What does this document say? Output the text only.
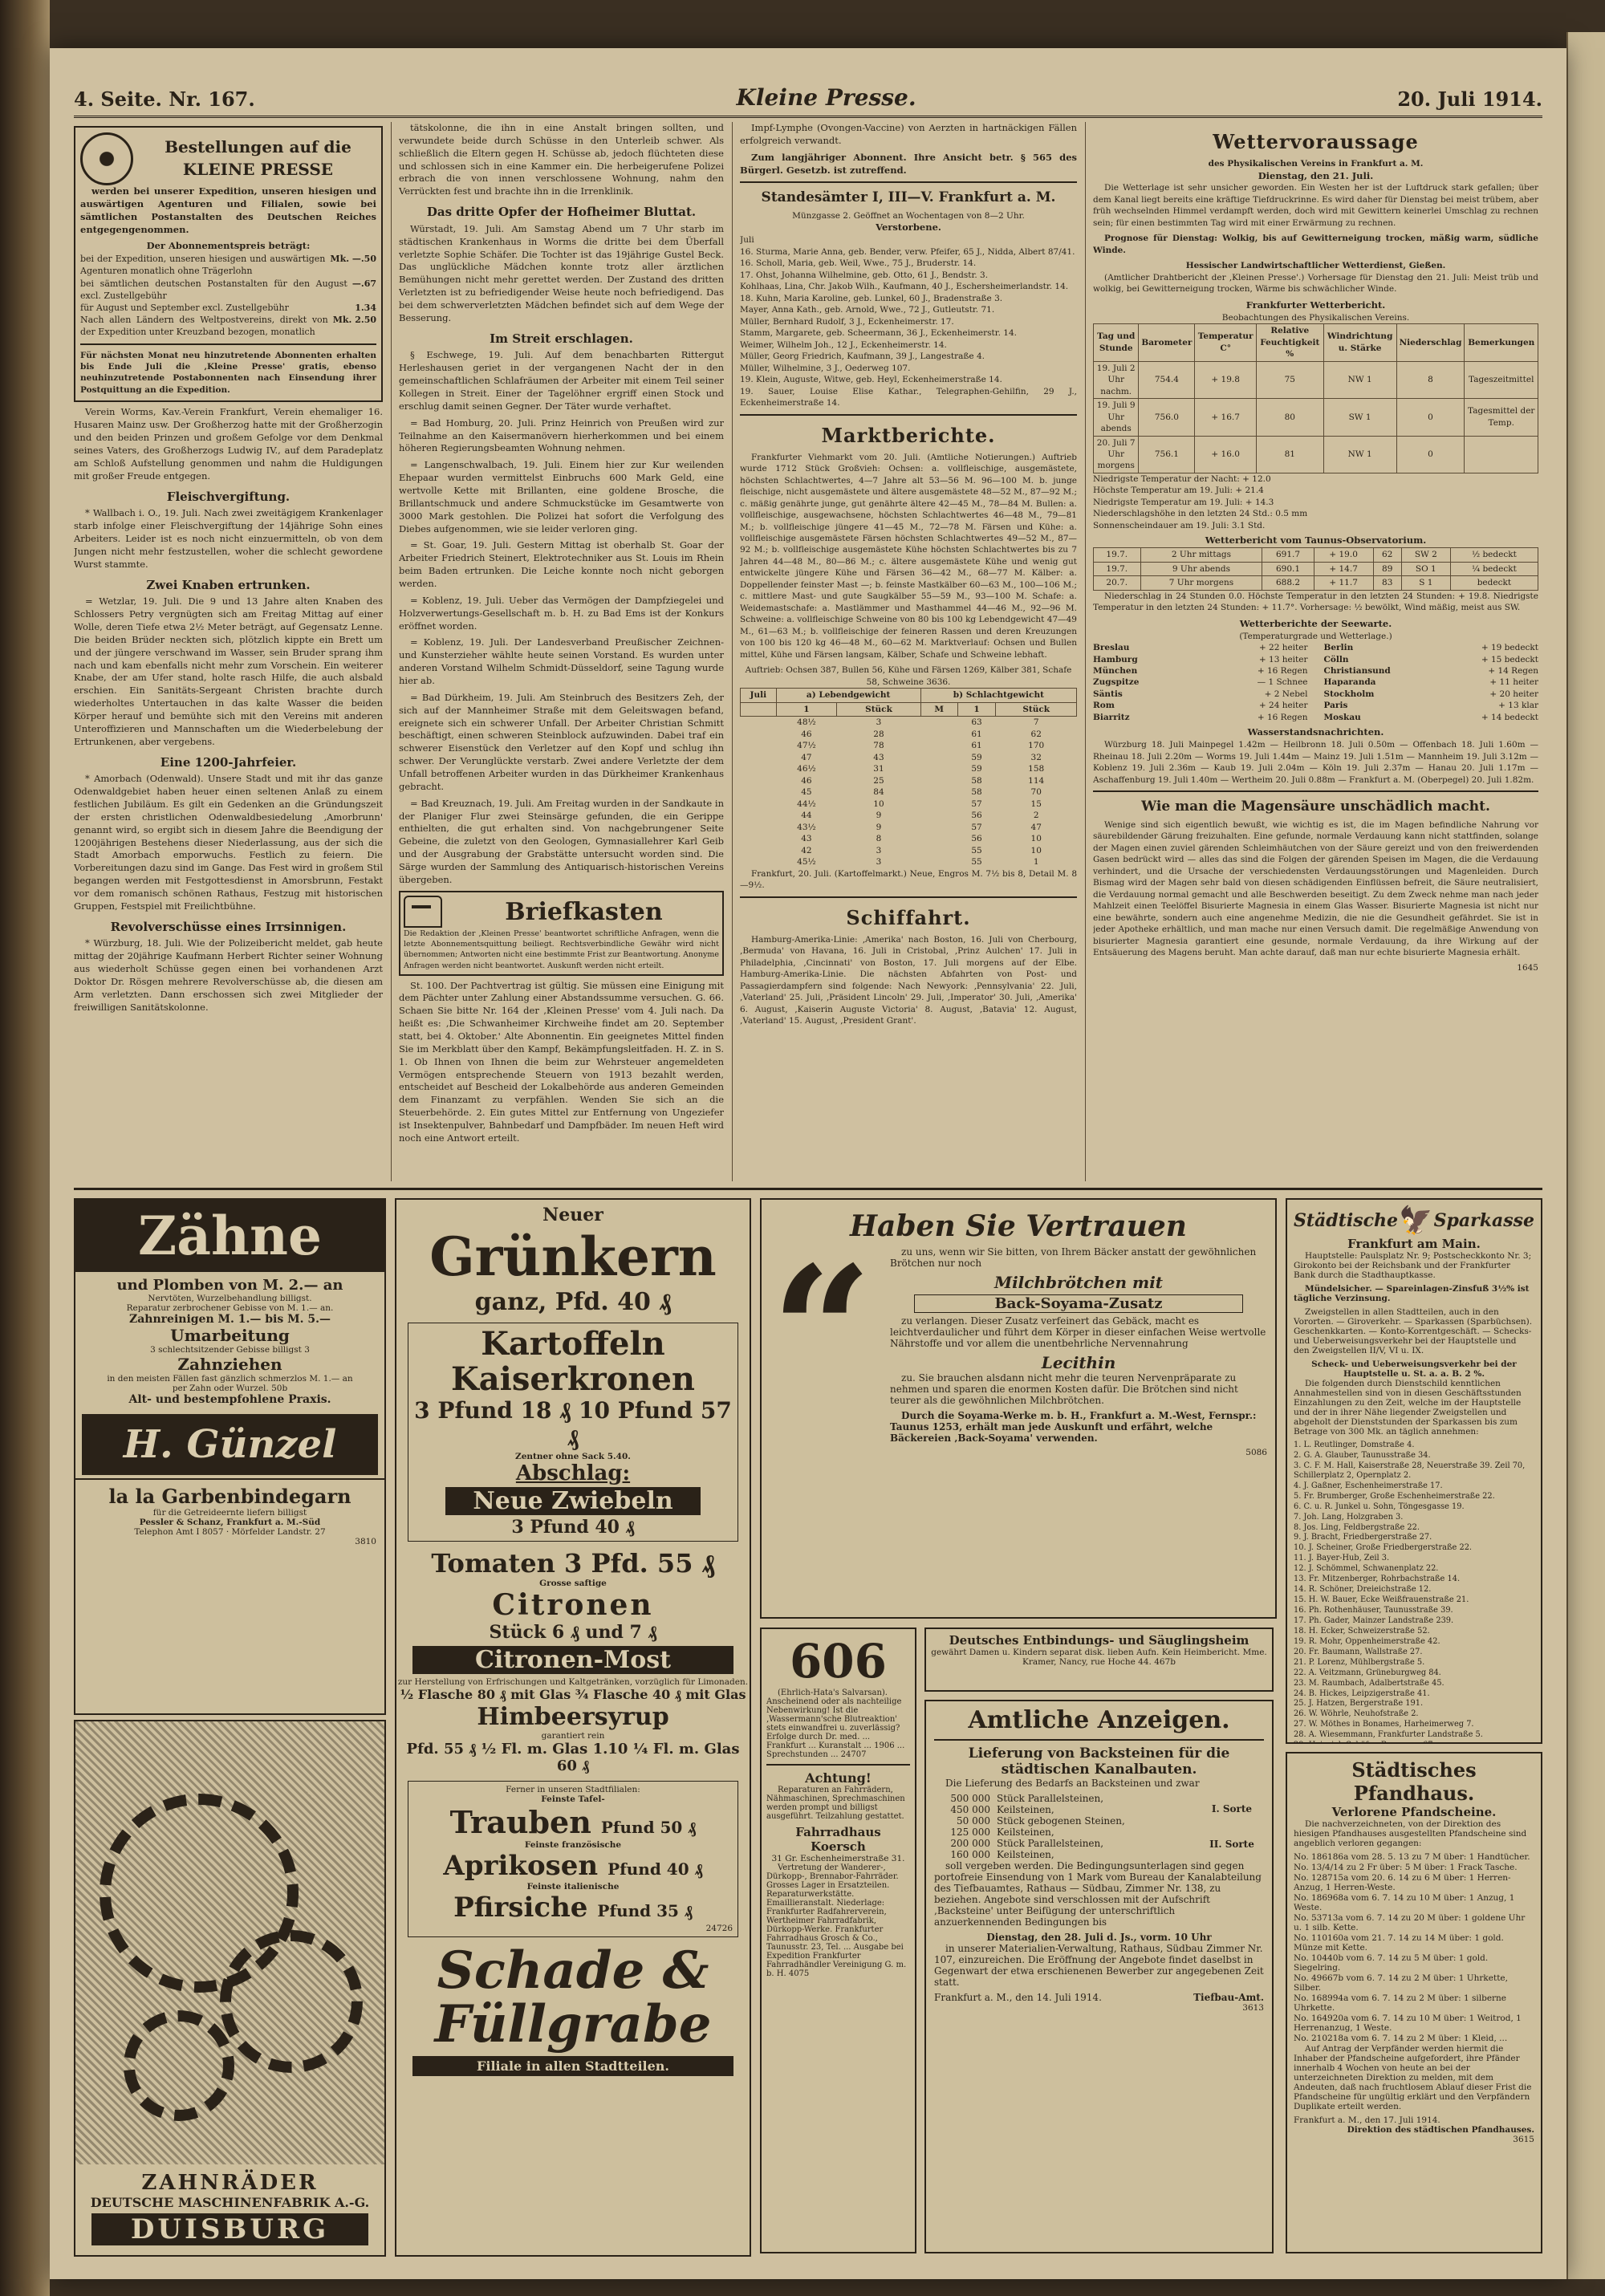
4. Seite. Nr. 167.	Kleine Presse.	20. Juli 1914.
Bestellungen auf die KLEINE PRESSE

werden bei unserer Expedition, unseren hiesigen und auswärtigen Agenturen und Filialen, sowie bei sämtlichen Postanstalten des Deutschen Reiches entgegengenommen.

Der Abonnementspreis beträgt:
bei der Expedition, unseren hiesigen und auswärtigen Agenturen monatlich ohne Trägerlohn
Mk. —.50
bei sämtlichen deutschen Postanstalten für den August excl. Zustellgebühr
—.67
für August und September excl. Zustellgebühr	1.34
Nach allen Ländern des Weltpostvereins, direkt von der Expedition unter Kreuzband bezogen, monatlich
Mk. 2.50
Für nächsten Monat neu hinzutretende Abonnenten erhalten bis Ende Juli die ‚Kleine Presse' gratis, ebenso neuhinzutretende Postabonnenten nach Einsendung ihrer Postquittung an die Expedition.

Verein Worms, Kav.-Verein Frankfurt, Verein ehemaliger 16. Husaren Mainz usw. Der Großherzog hatte mit der Großherzogin und den beiden Prinzen und großem Gefolge vor dem Denkmal seines Vaters, des Großherzogs Ludwig IV., auf dem Paradeplatz am Schloß Aufstellung genommen und nahm die Huldigungen mit großer Freude entgegen.

Fleischvergiftung.

* Wallbach i. O., 19. Juli. Nach zwei zweitägigem Krankenlager starb infolge einer Fleischvergiftung der 14jährige Sohn eines Arbeiters. Leider ist es noch nicht einzuermitteln, ob von dem Jungen nicht mehr festzustellen, woher die schlecht gewordene Wurst stammte.

Zwei Knaben ertrunken.

= Wetzlar, 19. Juli. Die 9 und 13 Jahre alten Knaben des Schlossers Petry vergnügten sich am Freitag Mittag auf einer Wolle, deren Tiefe etwa 2½ Meter beträgt, auf Gegensatz Lenne. Die beiden Brüder neckten sich, plötzlich kippte ein Brett um und der jüngere verschwand im Wasser, sein Bruder sprang ihm nach und kam ebenfalls nicht mehr zum Vorschein. Ein weiterer Knabe, der am Ufer stand, holte rasch Hilfe, die auch alsbald erschien. Ein Sanitäts-Sergeant Christen brachte durch wiederholtes Untertauchen in das kalte Wasser die beiden Körper herauf und bemühte sich mit den Vereins mit anderen Unteroffizieren und Mannschaften um die Wiederbelebung der Ertrunkenen, aber vergebens.

Eine 1200-Jahrfeier.

* Amorbach (Odenwald). Unsere Stadt und mit ihr das ganze Odenwaldgebiet haben heuer einen seltenen Anlaß zu einem festlichen Jubiläum. Es gilt ein Gedenken an die Gründungszeit der ersten christlichen Odenwaldbesiedelung ‚Amorbrunn' genannt wird, so ergibt sich in diesem Jahre die Beendigung der 1200jährigen Bestehens dieser Niederlassung, aus der sich die Stadt Amorbach emporwuchs. Festlich zu feiern. Die Vorbereitungen dazu sind im Gange. Das Fest wird in großem Stil begangen werden mit Festgottesdienst in Amorsbrunn, Festakt vor dem romanisch schönen Rathaus, Festzug mit historischen Gruppen, Festspiel mit Freilichtbühne.

Revolverschüsse eines Irrsinnigen.

* Würzburg, 18. Juli. Wie der Polizeibericht meldet, gab heute mittag der 20jährige Kaufmann Herbert Richter seiner Wohnung aus wiederholt Schüsse gegen einen bei vorhandenen Arzt Doktor Dr. Rösgen mehrere Revolverschüsse ab, die diesen am Arm verletzten. Dann erschossen sich zwei Mitglieder der freiwilligen Sanitätskolonne.

tätskolonne, die ihn in eine Anstalt bringen sollten, und verwundete beide durch Schüsse in den Unterleib schwer. Als schließlich die Eltern gegen H. Schüsse ab, jedoch flüchteten diese und schlossen sich in eine Kammer ein. Die herbeigerufene Polizei erbrach die von innen verschlossene Wohnung, nahm den Verrückten fest und brachte ihn in die Irrenklinik.

Das dritte Opfer der Hofheimer Bluttat.

Würstadt, 19. Juli. Am Samstag Abend um 7 Uhr starb im städtischen Krankenhaus in Worms die dritte bei dem Überfall verletzte Sophie Schäfer. Die Tochter ist das 19jährige Gustel Beck. Das unglückliche Mädchen konnte trotz aller ärztlichen Bemühungen nicht mehr gerettet werden. Der Zustand des dritten Verletzten ist zu befriedigender Weise heute noch befriedigend. Das bei dem schwerverletzten Mädchen befindet sich auf dem Wege der Besserung.

Im Streit erschlagen.

§ Eschwege, 19. Juli. Auf dem benachbarten Rittergut Herleshausen geriet in der vergangenen Nacht der in den gemeinschaftlichen Schlafräumen der Arbeiter mit einem Teil seiner Kollegen in Streit. Einer der Tagelöhner ergriff einen Stock und erschlug damit seinen Gegner. Der Täter wurde verhaftet.

= Bad Homburg, 20. Juli. Prinz Heinrich von Preußen wird zur Teilnahme an den Kaisermanövern hierherkommen und bei einem höheren Regierungsbeamten Wohnung nehmen.

= Langenschwalbach, 19. Juli. Einem hier zur Kur weilenden Ehepaar wurden vermittelst Einbruchs 600 Mark Geld, eine wertvolle Kette mit Brillanten, eine goldene Brosche, die Brillantschmuck und andere Schmuckstücke im Gesamtwerte von 3000 Mark gestohlen. Die Polizei hat sofort die Verfolgung des Diebes aufgenommen, wie sie leider verloren ging.

= St. Goar, 19. Juli. Gestern Mittag ist oberhalb St. Goar der Arbeiter Friedrich Steinert, Elektrotechniker aus St. Louis im Rhein beim Baden ertrunken. Die Leiche konnte noch nicht geborgen werden.

= Koblenz, 19. Juli. Ueber das Vermögen der Dampfziegelei und Holzverwertungs-Gesellschaft m. b. H. zu Bad Ems ist der Konkurs eröffnet worden.

= Koblenz, 19. Juli. Der Landesverband Preußischer Zeichnen- und Kunsterzieher wählte heute seinen Vorstand. Es wurden unter anderen Vorstand Wilhelm Schmidt-Düsseldorf, seine Tagung wurde hier ab.

= Bad Dürkheim, 19. Juli. Am Steinbruch des Besitzers Zeh, der sich auf der Mannheimer Straße mit dem Geleitswagen befand, ereignete sich ein schwerer Unfall. Der Arbeiter Christian Schmitt beschäftigt, einen schweren Steinblock aufzuwinden. Dabei traf ein schwerer Eisenstück den Verletzer auf den Kopf und schlug ihn schwer. Der Verunglückte verstarb. Zwei andere Verletzte der dem Unfall betroffenen Arbeiter wurden in das Dürkheimer Krankenhaus gebracht.

= Bad Kreuznach, 19. Juli. Am Freitag wurden in der Sandkaute in der Planiger Flur zwei Steinsärge gefunden, die ein Gerippe enthielten, die gut erhalten sind. Von nachgebrungener Seite Gebeine, die zuletzt von den Geologen, Gymnasiallehrer Karl Geib und der Ausgrabung der Grabstätte untersucht worden sind. Die Särge wurden der Sammlung des Antiquarisch-historischen Vereins übergeben.

Briefkasten
Die Redaktion der ‚Kleinen Presse' beantwortet schriftliche Anfragen, wenn die letzte Abonnementsquittung beiliegt. Rechtsverbindliche Gewähr wird nicht übernommen; Antworten nicht eine bestimmte Frist zur Beantwortung. Anonyme Anfragen werden nicht beantwortet. Auskunft werden nicht erteilt.

St. 100. Der Pachtvertrag ist gültig. Sie müssen eine Einigung mit dem Pächter unter Zahlung einer Abstandssumme versuchen. G. 66. Schaen Sie bitte Nr. 164 der ‚Kleinen Presse' vom 4. Juli nach. Da heißt es: ‚Die Schwanheimer Kirchweihe findet am 20. September statt, bei 4. Oktober.' Alte Abonnentin. Ein geeignetes Mittel finden Sie im Merkblatt über den Kampf, Bekämpfungsleitfaden. H. Z. in S. 1. Ob Ihnen von Ihnen die beim zur Wehrsteuer angemeldeten Vermögen entsprechende Steuern von 1913 bezahlt werden, entscheidet auf Bescheid der Lokalbehörde aus anderen Gemeinden dem Finanzamt zu verpfählen. Wenden Sie sich an die Steuerbehörde. 2. Ein gutes Mittel zur Entfernung von Ungeziefer ist Insektenpulver, Bahnbedarf und Dampfbäder. Im neuen Heft wird noch eine Antwort erteilt.

Impf-Lymphe (Ovongen-Vaccine) von Aerzten in hartnäckigen Fällen erfolgreich verwandt.

Zum langjähriger Abonnent. Ihre Ansicht betr. § 565 des Bürgerl. Gesetzb. ist zutreffend.

Standesämter I, III—V. Frankfurt a. M.
Münzgasse 2. Geöffnet an Wochentagen von 8—2 Uhr.
Verstorbene.
Juli
16. Sturma, Marie Anna, geb. Bender, verw. Pfeifer, 65 J., Nidda, Albert 87/41.
16. Scholl, Maria, geb. Weil, Wwe., 75 J., Bruderstr. 14.
17. Ohst, Johanna Wilhelmine, geb. Otto, 61 J., Bendstr. 3.
Kohlhaas, Lina, Chr. Jakob Wilh., Kaufmann, 40 J., Eschersheimerlandstr. 14.
18. Kuhn, Maria Karoline, geb. Lunkel, 60 J., Bradenstraße 3.
Mayer, Anna Kath., geb. Arnold, Wwe., 72 J., Gutleutstr. 71.
Müller, Bernhard Rudolf, 3 J., Eckenheimerstr. 17.
Stamm, Margarete, geb. Scheermann, 36 J., Eckenheimerstr. 14.
Weimer, Wilhelm Joh., 12 J., Eckenheimerstr. 14.
Müller, Georg Friedrich, Kaufmann, 39 J., Langestraße 4.
Müller, Wilhelmine, 3 J., Oederweg 107.
19. Klein, Auguste, Witwe, geb. Heyl, Eckenheimerstraße 14.
19. Sauer, Louise Elise Kathar., Telegraphen-Gehilfin, 29 J., Eckenheimerstraße 14.
Marktberichte.

Frankfurter Viehmarkt vom 20. Juli. (Amtliche Notierungen.) Auftrieb wurde 1712 Stück Großvieh: Ochsen: a. vollfleischige, ausgemästete, höchsten Schlachtwertes, 4—7 Jahre alt 53—56 M. 96—100 M. b. junge fleischige, nicht ausgemästete und ältere ausgemästete 48—52 M., 87—92 M.; c. mäßig genährte junge, gut genährte ältere 42—45 M., 78—84 M. Bullen: a. vollfleischige, ausgewachsene, höchsten Schlachtwertes 46—48 M., 79—81 M.; b. vollfleischige jüngere 41—45 M., 72—78 M. Färsen und Kühe: a. vollfleischige ausgemästete Färsen höchsten Schlachtwertes 49—52 M., 87—92 M.; b. vollfleischige ausgemästete Kühe höchsten Schlachtwertes bis zu 7 Jahren 44—48 M., 80—86 M.; c. ältere ausgemästete Kühe und wenig gut entwickelte jüngere Kühe und Färsen 36—42 M., 68—77 M. Kälber: a. Doppellender feinster Mast —; b. feinste Mastkälber 60—63 M., 100—106 M.; c. mittlere Mast- und gute Saugkälber 55—59 M., 93—100 M. Schafe: a. Weidemastschafe: a. Mastlämmer und Masthammel 44—46 M., 92—96 M. Schweine: a. vollfleischige Schweine von 80 bis 100 kg Lebendgewicht 47—49 M., 61—63 M.; b. vollfleischige der feineren Rassen und deren Kreuzungen von 100 bis 120 kg 46—48 M., 60—62 M. Marktverlauf: Ochsen und Bullen mittel, Kühe und Färsen langsam, Kälber, Schafe und Schweine lebhaft.

Auftrieb: Ochsen 387, Bullen 56, Kühe und Färsen 1269, Kälber 381, Schafe 58, Schweine 3636.
Juli	a) Lebendgewicht		b) Schlachtgewicht		
	1	Stück	M	1	Stück
	48½	3		63	7
	46	28		61	62
	47½	78		61	170
	47	43		59	32
	46½	31		59	158
	46	25		58	114
	45	84		58	70
	44½	10		57	15
	44	9		56	2
	43½	9		57	47
	43	8		56	10
	42	3		55	10
	45½	3		55	1

Frankfurt, 20. Juli. (Kartoffelmarkt.) Neue, Engros M. 7½ bis 8, Detail M. 8—9½.

Schiffahrt.

Hamburg-Amerika-Linie: ‚Amerika' nach Boston, 16. Juli von Cherbourg, ‚Bermuda' von Havana, 16. Juli in Cristobal, ‚Prinz Aulchen' 17. Juli in Philadelphia, ‚Cincinnati' von Boston, 17. Juli morgens auf der Elbe. Hamburg-Amerika-Linie. Die nächsten Abfahrten von Post- und Passagierdampfern sind folgende: Nach Newyork: ‚Pennsylvania' 22. Juli, ‚Vaterland' 25. Juli, ‚Präsident Lincoln' 29. Juli, ‚Imperator' 30. Juli, ‚Amerika' 6. August, ‚Kaiserin Auguste Victoria' 8. August, ‚Batavia' 12. August, ‚Vaterland' 15. August, ‚President Grant'.

Wettervoraussage
des Physikalischen Vereins in Frankfurt a. M.
Dienstag, den 21. Juli.

Die Wetterlage ist sehr unsicher geworden. Ein Westen her ist der Luftdruck stark gefallen; über dem Kanal liegt bereits eine kräftige Tiefdruckrinne. Es wird daher für Dienstag bei meist trübem, aber früh wechselnden Himmel verdampft werden, doch wird mit Gewittern keinerlei Umschlag zu rechnen sein; für einen bestimmten Tag wird mit einer Erwärmung zu rechnen.

Prognose für Dienstag: Wolkig, bis auf Gewitterneigung trocken, mäßig warm, südliche Winde.

Hessischer Landwirtschaftlicher Wetterdienst, Gießen.

(Amtlicher Drahtbericht der ‚Kleinen Presse'.) Vorhersage für Dienstag den 21. Juli: Meist trüb und wolkig, bei Gewitterneigung trocken, Wärme bis schwächlicher Winde.

Frankfurter Wetterbericht.
Beobachtungen des Physikalischen Vereins.
Tag und Stunde	Barometer	Temperatur C°	Relative Feuchtigkeit %	Windrichtung u. Stärke	Niederschlag	Bemerkungen
19. Juli 2 Uhr nachm.	754.4	+ 19.8	75	NW 1	8	Tageszeitmittel
19. Juli 9 Uhr abends	756.0	+ 16.7	80	SW 1	0	Tagesmittel der Temp.
20. Juli 7 Uhr morgens	756.1	+ 16.0	81	NW 1	0	
Niedrigste Temperatur der Nacht: + 12.0
Höchste Temperatur am 19. Juli: + 21.4
Niedrigste Temperatur am 19. Juli: + 14.3
Niederschlagshöhe in den letzten 24 Std.: 0.5 mm
Sonnenscheindauer am 19. Juli: 3.1 Std.
Wetterbericht vom Taunus-Observatorium.
19.7.	2 Uhr mittags	691.7	+ 19.0	62	SW 2	½ bedeckt
19.7.	9 Uhr abends	690.1	+ 14.7	89	SO 1	¼ bedeckt
20.7.	7 Uhr morgens	688.2	+ 11.7	83	S 1	bedeckt

Niederschlag in 24 Stunden 0.0. Höchste Temperatur in den letzten 24 Stunden: + 19.8. Niedrigste Temperatur in den letzten 24 Stunden: + 11.7°. Vorhersage: ½ bewölkt, Wind mäßig, meist aus SW.

Wetterberichte der Seewarte.
(Temperaturgrade und Wetterlage.)
Breslau	+ 22 heiter
Hamburg	+ 13 heiter
München	+ 16 Regen
Zugspitze	— 1 Schnee
Säntis	+ 2 Nebel
Rom	+ 24 heiter
Biarritz	+ 16 Regen
Berlin	+ 19 bedeckt
Cölln	+ 15 bedeckt
Christiansund	+ 14 Regen
Haparanda	+ 11 heiter
Stockholm	+ 20 heiter
Paris	+ 13 klar
Moskau	+ 14 bedeckt
Wasserstandsnachrichten.

Würzburg 18. Juli Mainpegel 1.42m — Heilbronn 18. Juli 0.50m — Offenbach 18. Juli 1.60m — Rheinau 18. Juli 2.20m — Worms 19. Juli 1.44m — Mainz 19. Juli 1.51m — Mannheim 19. Juli 3.12m — Koblenz 19. Juli 2.36m — Kaub 19. Juli 2.04m — Köln 19. Juli 2.37m — Hanau 20. Juli 1.17m — Aschaffenburg 19. Juli 1.40m — Wertheim 20. Juli 0.88m — Frankfurt a. M. (Oberpegel) 20. Juli 1.82m.

Wie man die Magensäure unschädlich macht.

Wenige sind sich eigentlich bewußt, wie wichtig es ist, die im Magen befindliche Nahrung vor säurebildender Gärung freizuhalten. Eine gefunde, normale Verdauung kann nicht stattfinden, solange der Magen einen zuviel gärenden Schleimhäutchen von der Säure gereizt und von den freiwerdenden Gasen bedrückt wird — alles das sind die Folgen der gärenden Speisen im Magen, die die Verdauung verhindert, und die Ursache der verschiedensten Verdauungsstörungen und Magenleiden. Durch Bismag wird der Magen sehr bald von diesen schädigenden Einflüssen befreit, die Säure neutralisiert, die Verdauung normal gemacht und alle Beschwerden beseitigt. Zu dem Zweck nehme man nach jeder Mahlzeit einen Teelöffel Bisurierte Magnesia in einem Glas Wasser. Bisurierte Magnesia ist nicht nur eine bewährte, sondern auch eine angenehme Medizin, die nie die Gesundheit gefährdet. Sie ist in jeder Apotheke erhältlich, und man mache nur einen Versuch damit. Die regelmäßige Anwendung von bisurierter Magnesia garantiert eine gesunde, normale Verdauung, da ihre Wirkung auf der Entsäuerung des Magens beruht. Man achte darauf, daß man nur echte bisurierte Magnesia erhält.

1645
Zähne
und Plomben von M. 2.— an
Nervtöten, Wurzelbehandlung billigst.
Reparatur zerbrochener Gebisse von M. 1.— an.
Zahnreinigen M. 1.— bis M. 5.—
Umarbeitung
3 schlechtsitzender Gebisse billigst 3
Zahnziehen
in den meisten Fällen fast gänzlich schmerzlos M. 1.— an
per Zahn oder Wurzel. 50b
Alt- und bestempfohlene Praxis.
H. Günzel
la la Garbenbindegarn
für die Getreideernte liefern billigst
Pessler & Schanz, Frankfurt a. M.-Süd
Telephon Amt I 8057 · Mörfelder Landstr. 27
3810
ZAHNRÄDER
DEUTSCHE MASCHINENFABRIK A.-G.
DUISBURG
Neuer
Grünkern
ganz, Pfd. 40 ₰
Kartoffeln Kaiserkronen
3 Pfund 18 ₰ 10 Pfund 57 ₰
Zentner ohne Sack 5.40.
Abschlag:
Neue Zwiebeln
3 Pfund 40 ₰
Tomaten 3 Pfd. 55 ₰
Grosse saftige
Citronen
Stück 6 ₰ und 7 ₰
Citronen-Most
zur Herstellung von Erfrischungen und Kaltgetränken, vorzüglich für Limonaden.
½ Flasche 80 ₰ mit Glas ¾ Flasche 40 ₰ mit Glas
Himbeersyrup
garantiert rein
Pfd. 55 ₰ ½ Fl. m. Glas 1.10 ¼ Fl. m. Glas 60 ₰
Ferner in unseren Stadtfilialen:
Feinste Tafel-
Trauben Pfund 50 ₰
Feinste französische
Aprikosen Pfund 40 ₰
Feinste italienische
Pfirsiche Pfund 35 ₰
24726
Schade & Füllgrabe
Filiale in allen Stadtteilen.
Haben Sie Vertrauen
“	zu uns, wenn wir Sie bitten, von Ihrem Bäcker anstatt der gewöhnlichen Brötchen nur noch

Milchbrötchen mit
Back-Soyama-Zusatz

zu verlangen. Dieser Zusatz verfeinert das Gebäck, macht es leichtverdaulicher und führt dem Körper in dieser einfachen Weise wertvolle Nährstoffe und vor allem die unentbehrliche Nervennahrung

Lecithin

zu. Sie brauchen alsdann nicht mehr die teuren Nervenpräparate zu nehmen und sparen die enormen Kosten dafür. Die Brötchen sind nicht teurer als die gewöhnlichen Milchbrötchen.

Durch die Soyama-Werke m. b. H., Frankfurt a. M.-West, Fernspr.: Taunus 1253, erhält man jede Auskunft und erfährt, welche Bäckereien ‚Back-Soyama' verwenden.

5086
606

(Ehrlich-Hata's Salvarsan). Anscheinend oder als nachteilige Nebenwirkung! Ist die ‚Wassermann'sche Blutreaktion' stets einwandfrei u. zuverlässig? Erfolge durch Dr. med. ... Frankfurt ... Kuranstalt ... 1906 ... Sprechstunden ... 24707

Achtung!

Reparaturen an Fahrrädern, Nähmaschinen, Sprechmaschinen werden prompt und billigst ausgeführt. Teilzahlung gestattet.

Fahrradhaus Koersch
31 Gr. Eschenheimerstraße 31.

Vertretung der Wanderer-, Dürkopp-, Brennabor-Fahrräder. Grosses Lager in Ersatzteilen. Reparaturwerkstätte. Emaillieranstalt. Niederlage: Frankfurter Radfahrerverein, Wertheimer Fahrradfabrik, Dürkopp-Werke. Frankfurter Fahrradhaus Grosch & Co., Taunusstr. 23, Tel. ... Ausgabe bei Expedition Frankfurter Fahrradhändler Vereinigung G. m. b. H. 4075

Deutsches Entbindungs- und Säuglingsheim
gewährt Damen u. Kindern separat disk. lieben Aufn. Kein Heimbericht. Mme. Kramer, Nancy, rue Hoche 44. 467b
Amtliche Anzeigen.
Lieferung von Backsteinen für die städtischen Kanalbauten.

Die Lieferung des Bedarfs an Backsteinen und zwar

500 000 Stück Parallelsteinen,
450 000 Keilsteinen,
50 000 Stück gebogenen Steinen,
125 000 Keilsteinen,
200 000 Stück Parallelsteinen,
160 000 Keilsteinen,
I. Sorte
II. Sorte

soll vergeben werden. Die Bedingungsunterlagen sind gegen portofreie Einsendung von 1 Mark vom Bureau der Kanalabteilung des Tiefbauamtes, Rathaus — Südbau, Zimmer Nr. 138, zu beziehen. Angebote sind verschlossen mit der Aufschrift ‚Backsteine' unter Beifügung der unterschriftlich anzuerkennenden Bedingungen bis

Dienstag, den 28. Juli d. Js., vorm. 10 Uhr

in unserer Materialien-Verwaltung, Rathaus, Südbau Zimmer Nr. 107, einzureichen. Die Eröffnung der Angebote findet daselbst in Gegenwart der etwa erschienenen Bewerber zur angegebenen Zeit statt.

Frankfurt a. M., den 14. Juli 1914.	Tiefbau-Amt.
3613
Städtische 🦅 Sparkasse
Frankfurt am Main.

Hauptstelle: Paulsplatz Nr. 9; Postscheckkonto Nr. 3; Girokonto bei der Reichsbank und der Frankfurter Bank durch die Stadthauptkasse.

Mündelsicher. — Spareinlagen-Zinsfuß 3½% ist tägliche Verzinsung.

Zweigstellen in allen Stadtteilen, auch in den Vororten. — Giroverkehr. — Sparkassen (Sparbüchsen). Geschenkkarten. — Konto-Korrentgeschäft. — Schecks- und Ueberweisungsverkehr bei der Hauptstelle und den Zweigstellen II/V, VI u. IX.

Scheck- und Ueberweisungsverkehr bei der Hauptstelle u. St. a. a. B. 2 %.

Die folgenden durch Dienstschild kenntlichen Annahmestellen sind von in diesen Geschäftsstunden Einzahlungen zu den Zeit, welche im der Hauptstelle und der in ihrer Nähe liegender Zweigstellen und abgeholt der Dienststunden der Sparkassen bis zum Betrage von 300 Mk. an täglich annehmen:

1. L. Reutlinger, Domstraße 4.
2. G. A. Glauber, Taunusstraße 34.
3. C. F. M. Hall, Kaiserstraße 28, Neuerstraße 39. Zeil 70, Schillerplatz 2, Opernplatz 2.
4. J. Gaßner, Eschenheimerstraße 17.
5. Fr. Brumberger, Große Eschenheimerstraße 22.
6. C. u. R. Junkel u. Sohn, Töngesgasse 19.
7. Joh. Lang, Holzgraben 3.
8. Jos. Ling, Feldbergstraße 22.
9. J. Bracht, Friedbergerstraße 27.
10. J. Scheiner, Große Friedbergerstraße 22.
11. J. Bayer-Hub, Zeil 3.
12. J. Schömmel, Schwanenplatz 22.
13. Fr. Mitzenberger, Rohrbachstraße 14.
14. R. Schöner, Dreieichstraße 12.
15. H. W. Bauer, Ecke Weißfrauenstraße 21.
16. Ph. Rothenhäuser, Taunusstraße 39.
17. Ph. Gader, Mainzer Landstraße 239.
18. H. Ecker, Schweizerstraße 52.
19. R. Mohr, Oppenheimerstraße 42.
20. Fr. Baumann, Wallstraße 27.
21. P. Lorenz, Mühlbergstraße 5.
22. A. Veitzmann, Grüneburgweg 84.
23. M. Raumbach, Adalbertstraße 45.
24. B. Hickes, Leipzigerstraße 41.
25. J. Hatzen, Bergerstraße 191.
26. W. Wöhrle, Neuhofstraße 2.
27. W. Möthes in Bonames, Harheimerweg 7.
28. A. Wiesemmann, Frankfurter Landstraße 5.
Städtisches Pfandhaus.
Verlorene Pfandscheine.

Die nachverzeichneten, von der Direktion des hiesigen Pfandhauses ausgestellten Pfandscheine sind angeblich verloren gegangen:

No. 186186a vom 28. 5. 13 zu 7 M über: 1 Handtücher.
No. 13/4/14 zu 2 Fr über: 5 M über: 1 Frack Tasche.
No. 128715a vom 20. 6. 14 zu 6 M über: 1 Herren-Anzug, 1 Herren-Weste.
No. 186968a vom 6. 7. 14 zu 10 M über: 1 Anzug, 1 Weste.
No. 53713a vom 6. 7. 14 zu 20 M über: 1 goldene Uhr u. 1 silb. Kette.
No. 110160a vom 21. 7. 14 zu 14 M über: 1 gold. Münze mit Kette.
No. 10440b vom 6. 7. 14 zu 5 M über: 1 gold. Siegelring.
No. 49667b vom 6. 7. 14 zu 2 M über: 1 Uhrkette, Silber.
No. 168994a vom 6. 7. 14 zu 2 M über: 1 silberne Uhrkette.
No. 164920a vom 6. 7. 14 zu 10 M über: 1 Weitrod, 1 Herrenanzug, 1 Weste.
No. 210218a vom 6. 7. 14 zu 2 M über: 1 Kleid, ...

Auf Antrag der Verpfänder werden hiermit die Inhaber der Pfandscheine aufgefordert, ihre Pfänder innerhalb 4 Wochen von heute an bei der unterzeichneten Direktion zu melden, mit dem Andeuten, daß nach fruchtlosem Ablauf dieser Frist die Pfandscheine für ungültig erklärt und den Verpfändern Duplikate erteilt werden.

Frankfurt a. M., den 17. Juli 1914.
Direktion des städtischen Pfandhauses.
3615
